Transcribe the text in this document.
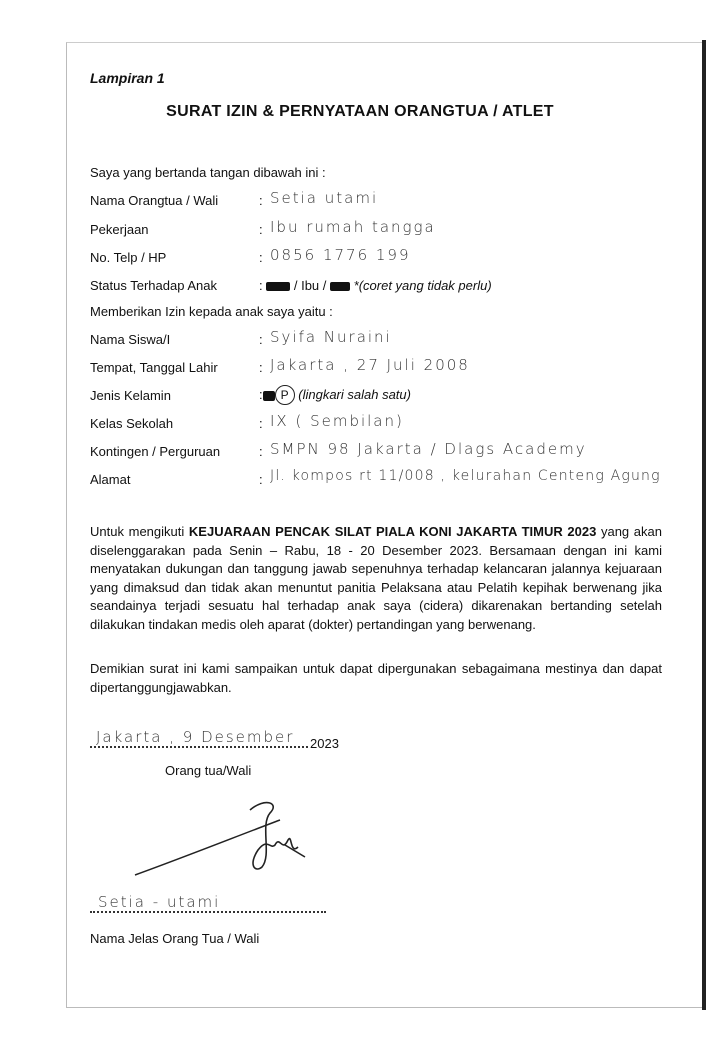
Lampiran 1
SURAT IZIN & PERNYATAAN ORANGTUA / ATLET
Saya yang bertanda tangan dibawah ini :
Nama Orangtua / Wali	: Setia utami
Pekerjaan	: Ibu rumah tangga
No. Telp / HP	: 0856 1776 199
Status Terhadap Anak	:  / Ibu / *(coret yang tidak perlu)
Memberikan Izin kepada anak saya yaitu :
Nama Siswa/I	: Syifa Nuraini
Tempat, Tanggal Lahir	: Jakarta , 27 Juli 2008
Jenis Kelamin	: P (lingkari salah satu)
Kelas Sekolah	: IX ( Sembilan)
Kontingen / Perguruan	: SMPN 98 Jakarta / Dlags Academy
Alamat	: Jl. kompos rt 11/008 , kelurahan Centeng Agung
Untuk mengikuti KEJUARAAN PENCAK SILAT PIALA KONI JAKARTA TIMUR 2023 yang akan diselenggarakan pada Senin – Rabu, 18 - 20 Desember 2023. Bersamaan dengan ini kami menyatakan dukungan dan tanggung jawab sepenuhnya terhadap kelancaran jalannya kejuaraan yang dimaksud dan tidak akan menuntut panitia Pelaksana atau Pelatih kepihak berwenang jika seandainya terjadi sesuatu hal terhadap anak saya (cidera) dikarenakan bertanding setelah dilakukan tindakan medis oleh aparat (dokter) pertandingan yang berwenang.
Demikian surat ini kami sampaikan untuk dapat dipergunakan sebagaimana mestinya dan dapat dipertanggungjawabkan.
Jakarta , 9 Desember	2023
Orang tua/Wali
Setia - utami
Nama Jelas Orang Tua / Wali
